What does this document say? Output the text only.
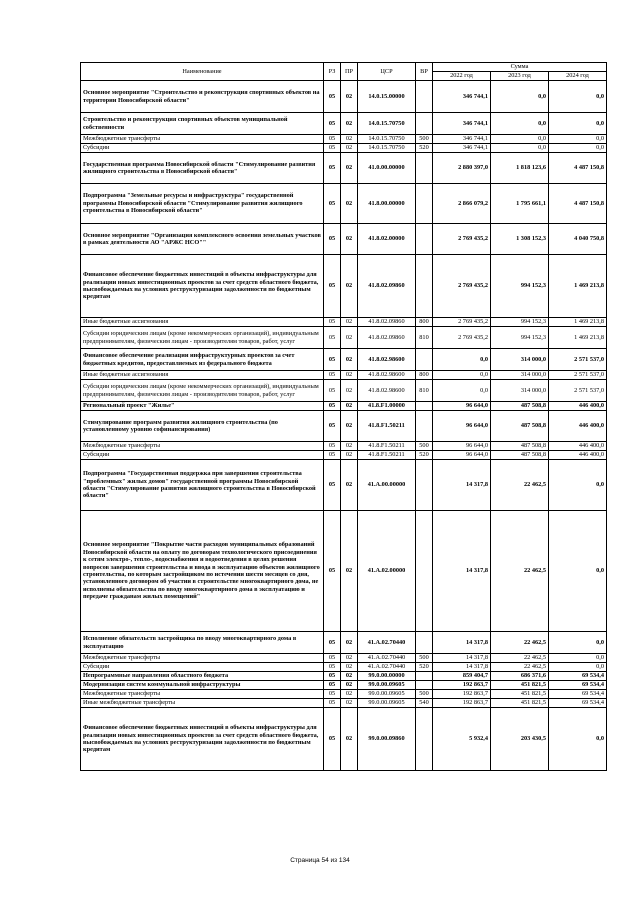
Наименование	РЗ	ПР	ЦСР	ВР	Сумма		
					2022 год	2023 год	2024 год
Основное мероприятие "Строительство и реконструкция спортивных объектов на территории Новосибирской области"	05	02	14.0.15.00000		346 744,1	0,0	0,0
Строительство и реконструкция спортивных объектов муниципальной собственности	05	02	14.0.15.70750		346 744,1	0,0	0,0
Межбюджетные трансферты	05	02	14.0.15.70750	500	346 744,1	0,0	0,0
Субсидии	05	02	14.0.15.70750	520	346 744,1	0,0	0,0
Государственная программа Новосибирской области "Стимулирование развития жилищного строительства в Новосибирской области"	05	02	41.0.00.00000		2 880 397,0	1 818 123,6	4 487 150,8
Подпрограмма "Земельные ресурсы и инфраструктура" государственной программы Новосибирской области "Стимулирование развития жилищного строительства в Новосибирской области"	05	02	41.8.00.00000		2 866 079,2	1 795 661,1	4 487 150,8
Основное мероприятие "Организация комплексного освоения земельных участков в рамках деятельности АО "АРЖС НСО""	05	02	41.8.02.00000		2 769 435,2	1 308 152,3	4 040 750,8
Финансовое обеспечение бюджетных инвестиций в объекты инфраструктуры для реализации новых инвестиционных проектов за счет средств областного бюджета, высвобождаемых на условиях реструктуризации задолженности по бюджетным кредитам	05	02	41.8.02.09860		2 769 435,2	994 152,3	1 469 213,8
Иные бюджетные ассигнования	05	02	41.8.02.09860	800	2 769 435,2	994 152,3	1 469 213,8
Субсидии юридическим лицам (кроме некоммерческих организаций), индивидуальным предпринимателям, физическим лицам - производителям товаров, работ, услуг	05	02	41.8.02.09860	810	2 769 435,2	994 152,3	1 469 213,8
Финансовое обеспечение реализации инфраструктурных проектов за счет бюджетных кредитов, предоставляемых из федерального бюджета	05	02	41.8.02.98600		0,0	314 000,0	2 571 537,0
Иные бюджетные ассигнования	05	02	41.8.02.98600	800	0,0	314 000,0	2 571 537,0
Субсидии юридическим лицам (кроме некоммерческих организаций), индивидуальным предпринимателям, физическим лицам - производителям товаров, работ, услуг	05	02	41.8.02.98600	810	0,0	314 000,0	2 571 537,0
Региональный проект "Жилье"	05	02	41.8.F1.00000		96 644,0	487 508,8	446 400,0
Стимулирование программ развития жилищного строительства (по установленному уровню софинансирования)	05	02	41.8.F1.50211		96 644,0	487 508,8	446 400,0
Межбюджетные трансферты	05	02	41.8.F1.50211	500	96 644,0	487 508,8	446 400,0
Субсидии	05	02	41.8.F1.50211	520	96 644,0	487 508,8	446 400,0
Подпрограмма "Государственная поддержка при завершении строительства "проблемных" жилых домов" государственной программы Новосибирской области "Стимулирование развития жилищного строительства в Новосибирской области"	05	02	41.A.00.00000		14 317,8	22 462,5	0,0
Основное мероприятие "Покрытие части расходов муниципальных образований Новосибирской области на оплату по договорам технологического присоединения к сетям электро-, тепло-, водоснабжения и водоотведения в целях решения вопросов завершения строительства и ввода в эксплуатацию объектов жилищного строительства, по которым застройщиком по истечении шести месяцев со дня, установленного договором об участии в строительстве многоквартирного дома, не исполнены обязательства по вводу многоквартирного дома в эксплуатацию и передаче гражданам жилых помещений"	05	02	41.A.02.00000		14 317,8	22 462,5	0,0
Исполнение обязательств застройщика по вводу многоквартирного дома в эксплуатацию	05	02	41.A.02.70440		14 317,8	22 462,5	0,0
Межбюджетные трансферты	05	02	41.A.02.70440	500	14 317,8	22 462,5	0,0
Субсидии	05	02	41.A.02.70440	520	14 317,8	22 462,5	0,0
Непрограммные направления областного бюджета	05	02	99.0.00.00000		859 404,7	686 371,6	69 534,4
Модернизация систем коммунальной инфраструктуры	05	02	99.0.00.09605		192 863,7	451 821,5	69 534,4
Межбюджетные трансферты	05	02	99.0.00.09605	500	192 863,7	451 821,5	69 534,4
Иные межбюджетные трансферты	05	02	99.0.00.09605	540	192 863,7	451 821,5	69 534,4
Финансовое обеспечение бюджетных инвестиций в объекты инфраструктуры для реализации новых инвестиционных проектов за счет средств областного бюджета, высвобождаемых на условиях реструктуризации задолженности по бюджетным кредитам	05	02	99.0.00.09860		5 932,4	203 430,5	0,0
Страница 54 из 134
